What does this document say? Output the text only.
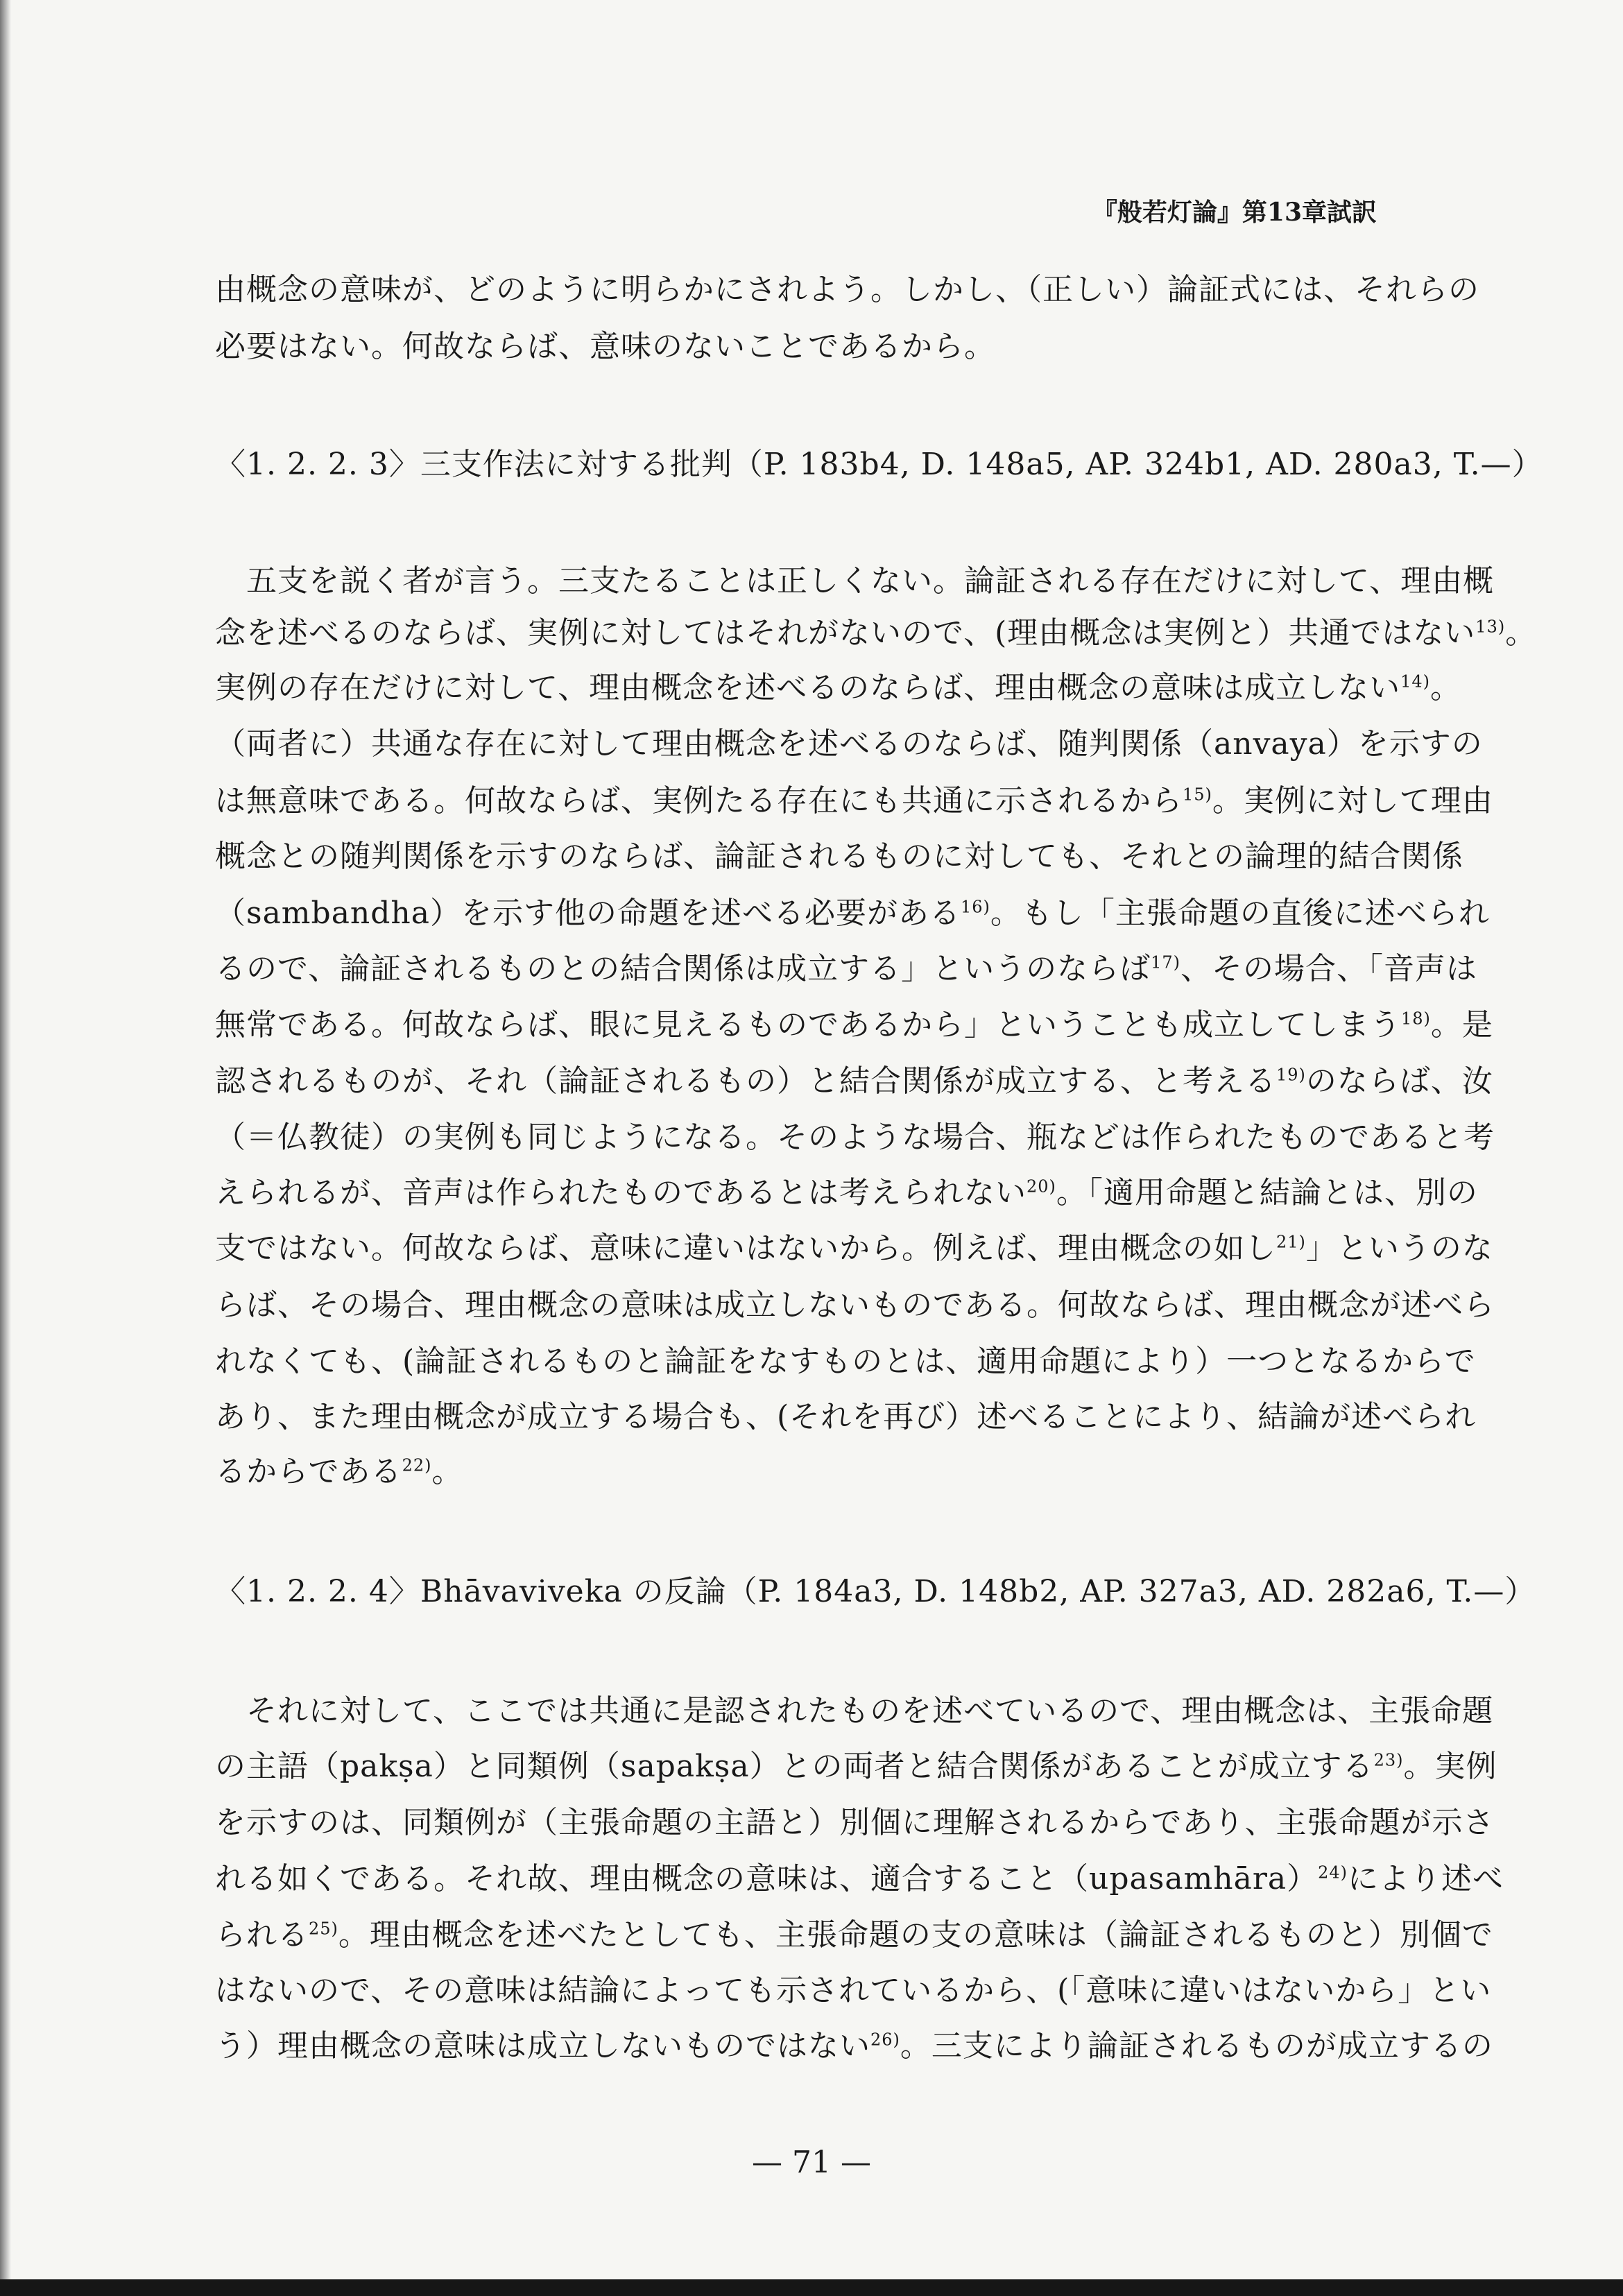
『般若灯論』第13章試訳
由概念の意味が、どのように明らかにされよう。しかし、（正しい）論証式には、それらの
必要はない。何故ならば、意味のないことであるから。
〈1. 2. 2. 3〉三支作法に対する批判（P. 183b4, D. 148a5, AP. 324b1, AD. 280a3, T.—）
　五支を説く者が言う。三支たることは正しくない。論証される存在だけに対して、理由概
念を述べるのならば、実例に対してはそれがないので、(理由概念は実例と）共通ではない$^{13)}$。
実例の存在だけに対して、理由概念を述べるのならば、理由概念の意味は成立しない$^{14)}$。
（両者に）共通な存在に対して理由概念を述べるのならば、随判関係（anvaya）を示すの
は無意味である。何故ならば、実例たる存在にも共通に示されるから$^{15)}$。実例に対して理由
概念との随判関係を示すのならば、論証されるものに対しても、それとの論理的結合関係
（sambandha）を示す他の命題を述べる必要がある$^{16)}$。もし「主張命題の直後に述べられ
るので、論証されるものとの結合関係は成立する」というのならば$^{17)}$、その場合、「音声は
無常である。何故ならば、眼に見えるものであるから」ということも成立してしまう$^{18)}$。是
認されるものが、それ（論証されるもの）と結合関係が成立する、と考える$^{19)}$のならば、汝
（＝仏教徒）の実例も同じようになる。そのような場合、瓶などは作られたものであると考
えられるが、音声は作られたものであるとは考えられない$^{20)}$。「適用命題と結論とは、別の
支ではない。何故ならば、意味に違いはないから。例えば、理由概念の如し$^{21)}$」というのな
らば、その場合、理由概念の意味は成立しないものである。何故ならば、理由概念が述べら
れなくても、(論証されるものと論証をなすものとは、適用命題により）一つとなるからで
あり、また理由概念が成立する場合も、(それを再び）述べることにより、結論が述べられ
るからである$^{22)}$。
〈1. 2. 2. 4〉Bhāvaviveka の反論（P. 184a3, D. 148b2, AP. 327a3, AD. 282a6, T.—）
　それに対して、ここでは共通に是認されたものを述べているので、理由概念は、主張命題
の主語（pakṣa）と同類例（sapakṣa）との両者と結合関係があることが成立する$^{23)}$。実例
を示すのは、同類例が（主張命題の主語と）別個に理解されるからであり、主張命題が示さ
れる如くである。それ故、理由概念の意味は、適合すること（upasamhāra）$^{24)}$により述べ
られる$^{25)}$。理由概念を述べたとしても、主張命題の支の意味は（論証されるものと）別個で
はないので、その意味は結論によっても示されているから、(「意味に違いはないから」とい
う）理由概念の意味は成立しないものではない$^{26)}$。三支により論証されるものが成立するの
— 71 —
